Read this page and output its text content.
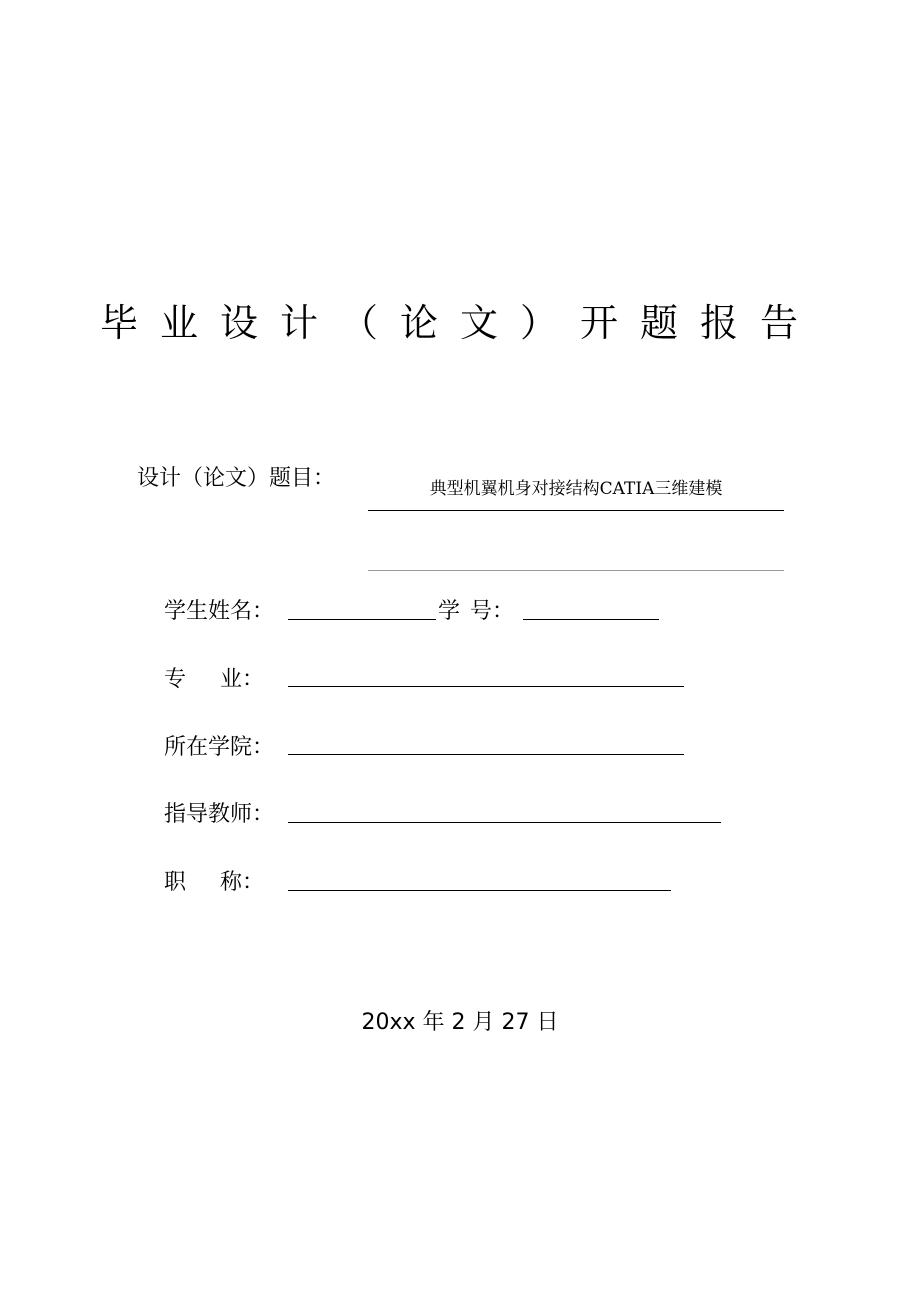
毕业设计（论文）开题报告
设计（论文）题目：	典型机翼机身对接结构CATIA三维建模
学生姓名：	学 号：
专 业：
所在学院：
指导教师：
职 称：
20xx 年 2 月 27 日
